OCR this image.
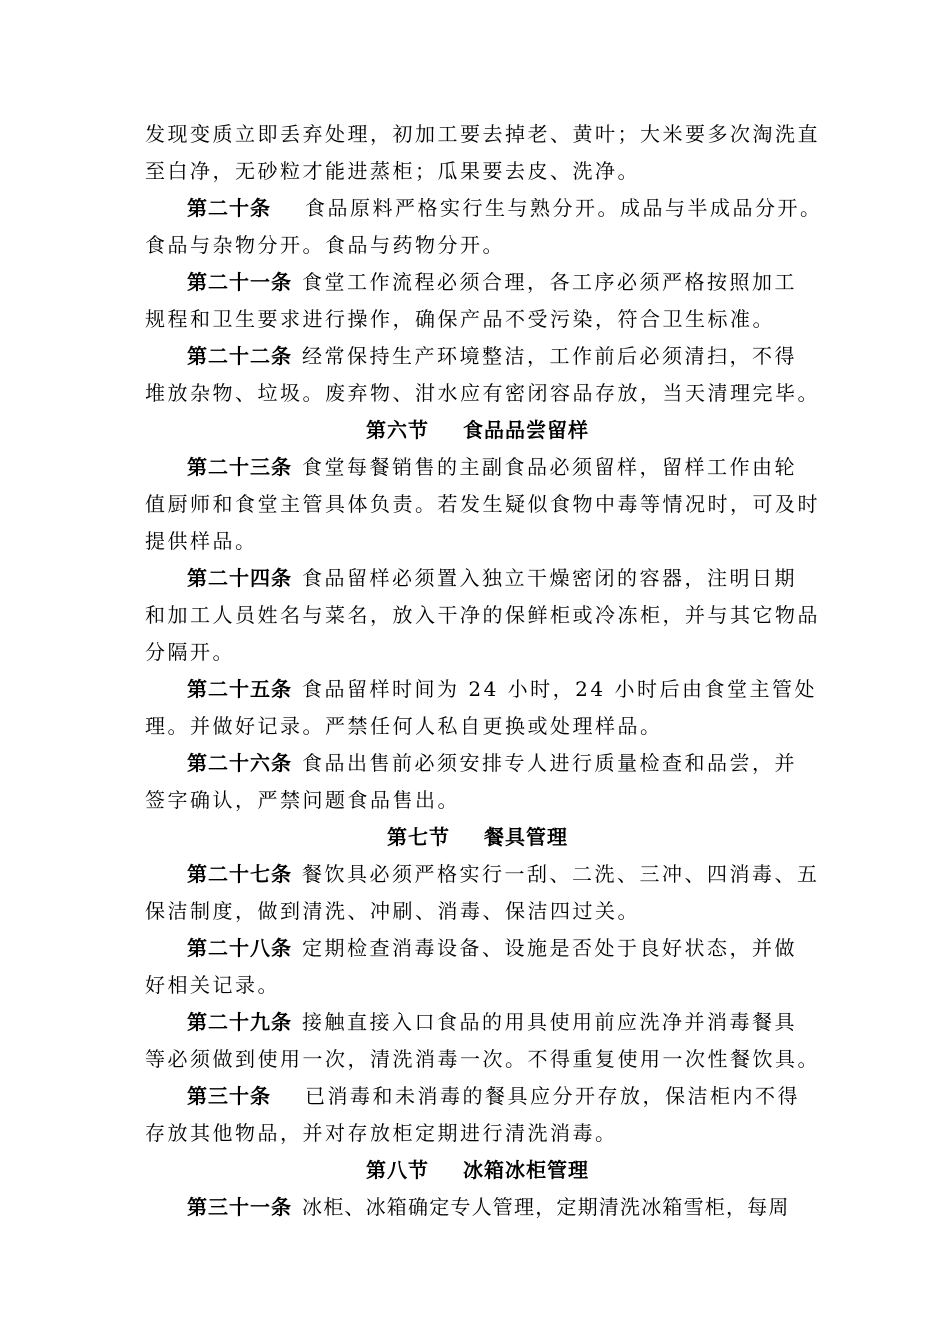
发现变质立即丢弃处理，初加工要去掉老、黄叶；大米要多次淘洗直
至白净，无砂粒才能进蒸柜；瓜果要去皮、洗净。
第二十条 食品原料严格实行生与熟分开。成品与半成品分开。
食品与杂物分开。食品与药物分开。
第二十一条 食堂工作流程必须合理，各工序必须严格按照加工
规程和卫生要求进行操作，确保产品不受污染，符合卫生标准。
第二十二条 经常保持生产环境整洁，工作前后必须清扫，不得
堆放杂物、垃圾。废弃物、泔水应有密闭容品存放，当天清理完毕。
第六节 食品品尝留样
第二十三条 食堂每餐销售的主副食品必须留样，留样工作由轮
值厨师和食堂主管具体负责。若发生疑似食物中毒等情况时，可及时
提供样品。
第二十四条 食品留样必须置入独立干燥密闭的容器，注明日期
和加工人员姓名与菜名，放入干净的保鲜柜或冷冻柜，并与其它物品
分隔开。
第二十五条 食品留样时间为 24 小时，24 小时后由食堂主管处
理。并做好记录。严禁任何人私自更换或处理样品。
第二十六条 食品出售前必须安排专人进行质量检查和品尝，并
签字确认，严禁问题食品售出。
第七节 餐具管理
第二十七条 餐饮具必须严格实行一刮、二洗、三冲、四消毒、五
保洁制度，做到清洗、冲刷、消毒、保洁四过关。
第二十八条 定期检查消毒设备、设施是否处于良好状态，并做
好相关记录。
第二十九条 接触直接入口食品的用具使用前应洗净并消毒餐具
等必须做到使用一次，清洗消毒一次。不得重复使用一次性餐饮具。
第三十条 已消毒和未消毒的餐具应分开存放，保洁柜内不得
存放其他物品，并对存放柜定期进行清洗消毒。
第八节 冰箱冰柜管理
第三十一条 冰柜、冰箱确定专人管理，定期清洗冰箱雪柜，每周
